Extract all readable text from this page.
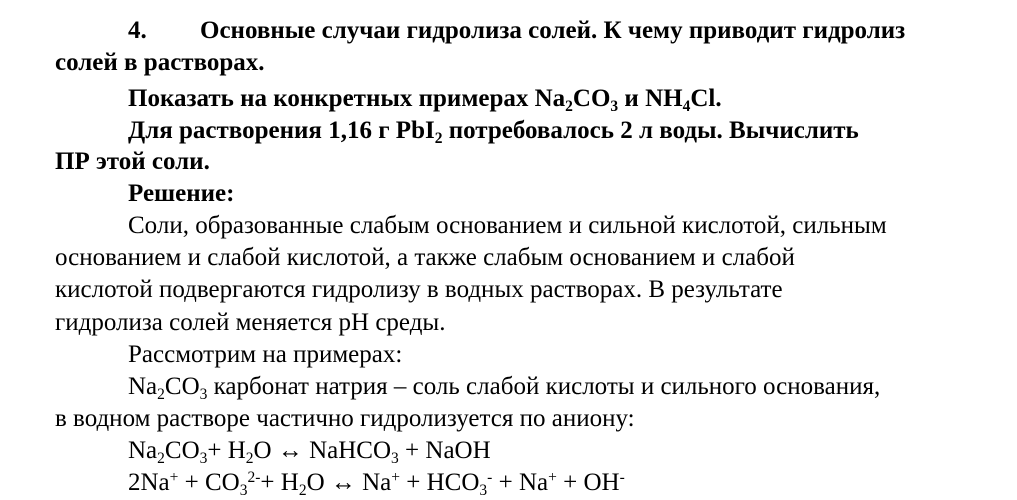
4. Основные случаи гидролиза солей. К чему приводит гидролиз
солей в растворах.
Показать на конкретных примерах Na2CO3 и NH4Cl.
Для растворения 1,16 г PbI2 потребовалось 2 л воды. Вычислить
ПР этой соли.
Решение:
Соли, образованные слабым основанием и сильной кислотой, сильным
основанием и слабой кислотой, а также слабым основанием и слабой
кислотой подвергаются гидролизу в водных растворах. В результате
гидролиза солей меняется pH среды.
Рассмотрим на примерах:
Na2CO3 карбонат натрия – соль слабой кислоты и сильного основания,
в водном растворе частично гидролизуется по аниону:
Na2CO3+ H2O ↔ NaHCO3 + NaOH
$2Na^+ + CO3^{2-}+ H2O$ ↔ Na+ + HCO3- + Na+ + OH-
